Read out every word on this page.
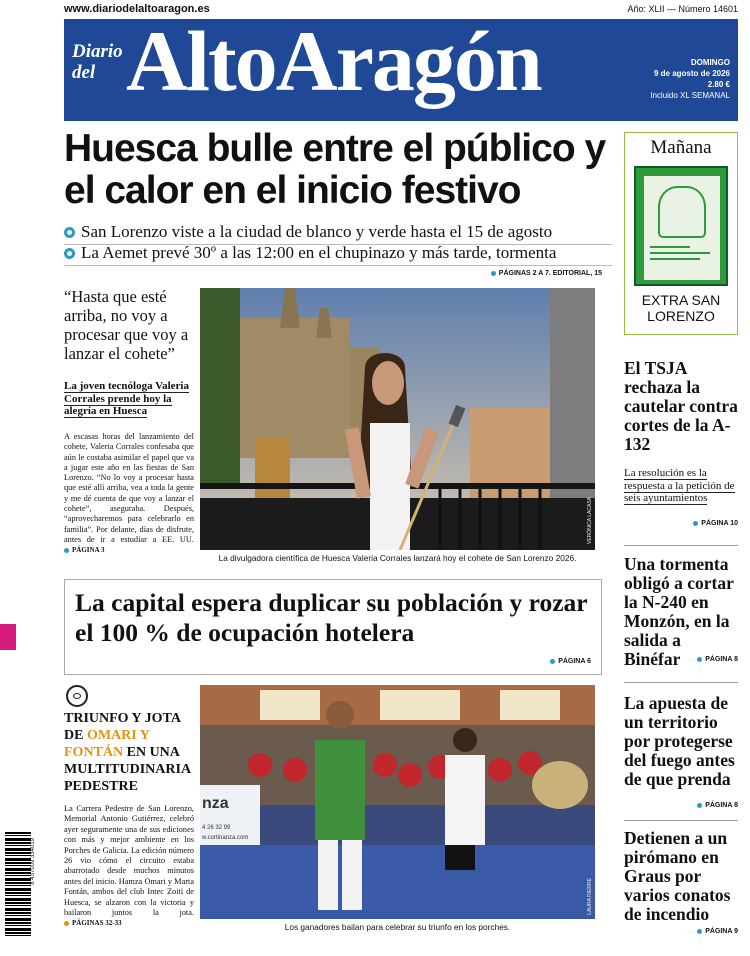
www.diariodelaltoaragon.es	Año: XLII — Número 14601
Diario
del AltoAragón	DOMINGO
9 de agosto de 2026
2.80 €
Incluido XL SEMANAL
Huesca bulle entre el público y el calor en el inicio festivo
San Lorenzo viste a la ciudad de blanco y verde hasta el 15 de agosto
La Aemet prevé 30º a las 12:00 en el chupinazo y más tarde, tormenta
PÁGINAS 2 A 7. EDITORIAL, 15
“Hasta que esté arriba, no voy a procesar que voy a lanzar el cohete”
La joven tecnóloga Valeria Corrales prende hoy la alegría en Huesca
A escasas horas del lanzamiento del cohete, Valeria Corrales confesaba que aún le costaba asimilar el papel que va a jugar este año en las fiestas de San Lorenzo. “No lo voy a procesar hasta que esté allí arriba, vea a toda la gente y me dé cuenta de que voy a lanzar el cohete”, aseguraba. Después, “aprovecharemos para celebrarlo en familia”. Por delante, días de disfrute, antes de ir a estudiar a EE. UU. PÁGINA 3
VERÓNICA LACASA
La divulgadora científica de Huesca Valeria Corrales lanzará hoy el cohete de San Lorenzo 2026.
La capital espera duplicar su población y rozar el 100 % de ocupación hotelera
PÁGINA 6
TRIUNFO Y JOTA DE OMARI Y FONTÁN EN UNA MULTITUDINARIA PEDESTRE
La Carrera Pedestre de San Lorenzo, Memorial Antonio Gutiérrez, celebró ayer seguramente una de sus ediciones con más y mejor ambiente en los Porches de Galicia. La edición número 26 vio cómo el circuito estaba abarrotado desde muchos minutos antes del inicio. Hamza Omari y Marta Fontán, ambos del club Intec Zoiti de Huesca, se alzaron con la victoria y bailaron juntos la jota. PÁGINAS 32-33
nza
4 26 32 99
w.cortinanza.com
LAURA RIERRE
Los ganadores bailan para celebrar su triunfo en los porches.
Mañana
EXTRA SAN LORENZO
El TSJA rechaza la cautelar contra cortes de la A-132
La resolución es la respuesta a la petición de seis ayuntamientos
PÁGINA 10
Una tormenta obligó a cortar la N-240 en Monzón, en la salida a Binéfar	PÁGINA 8
La apuesta de un territorio por protegerse del fuego antes de que prenda
PÁGINA 8
Detienen a un pirómano en Graus por varios conatos de incendio
PÁGINA 9
8 437009 334019
